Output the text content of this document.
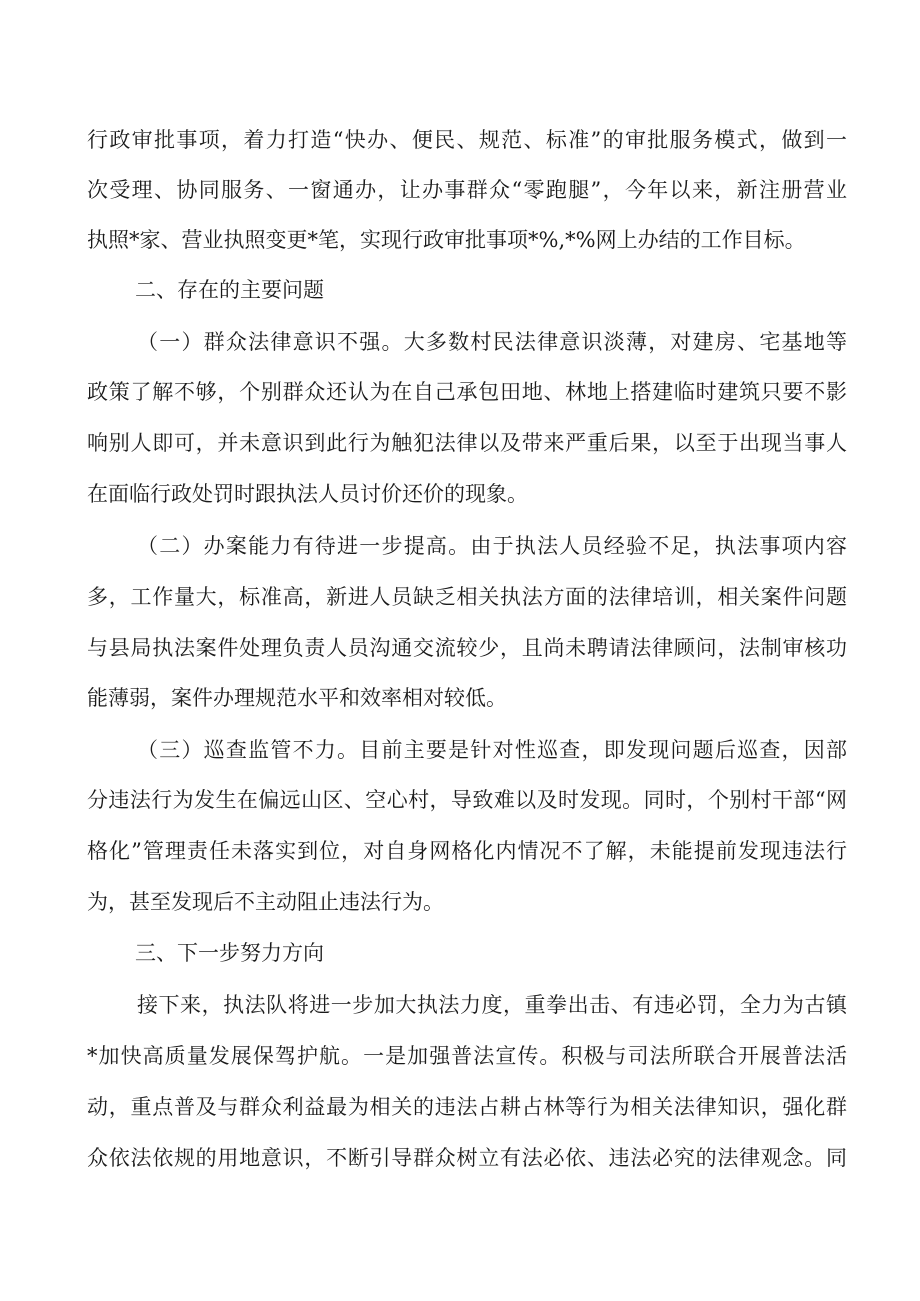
行政审批事项，着力打造“快办、便民、规范、标准”的审批服务模式，做到一
次受理、协同服务、一窗通办，让办事群众“零跑腿”，今年以来，新注册营业
执照*家、营业执照变更*笔，实现行政审批事项*%,*%网上办结的工作目标。
二、存在的主要问题
（一）群众法律意识不强。大多数村民法律意识淡薄，对建房、宅基地等
政策了解不够，个别群众还认为在自己承包田地、林地上搭建临时建筑只要不影
响别人即可，并未意识到此行为触犯法律以及带来严重后果，以至于出现当事人
在面临行政处罚时跟执法人员讨价还价的现象。
（二）办案能力有待进一步提高。由于执法人员经验不足，执法事项内容
多，工作量大，标准高，新进人员缺乏相关执法方面的法律培训，相关案件问题
与县局执法案件处理负责人员沟通交流较少，且尚未聘请法律顾问，法制审核功
能薄弱，案件办理规范水平和效率相对较低。
（三）巡查监管不力。目前主要是针对性巡查，即发现问题后巡查，因部
分违法行为发生在偏远山区、空心村，导致难以及时发现。同时，个别村干部“网
格化”管理责任未落实到位，对自身网格化内情况不了解，未能提前发现违法行
为，甚至发现后不主动阻止违法行为。
三、下一步努力方向
接下来，执法队将进一步加大执法力度，重拳出击、有违必罚，全力为古镇
*加快高质量发展保驾护航。一是加强普法宣传。积极与司法所联合开展普法活
动，重点普及与群众利益最为相关的违法占耕占林等行为相关法律知识，强化群
众依法依规的用地意识，不断引导群众树立有法必依、违法必究的法律观念。同
